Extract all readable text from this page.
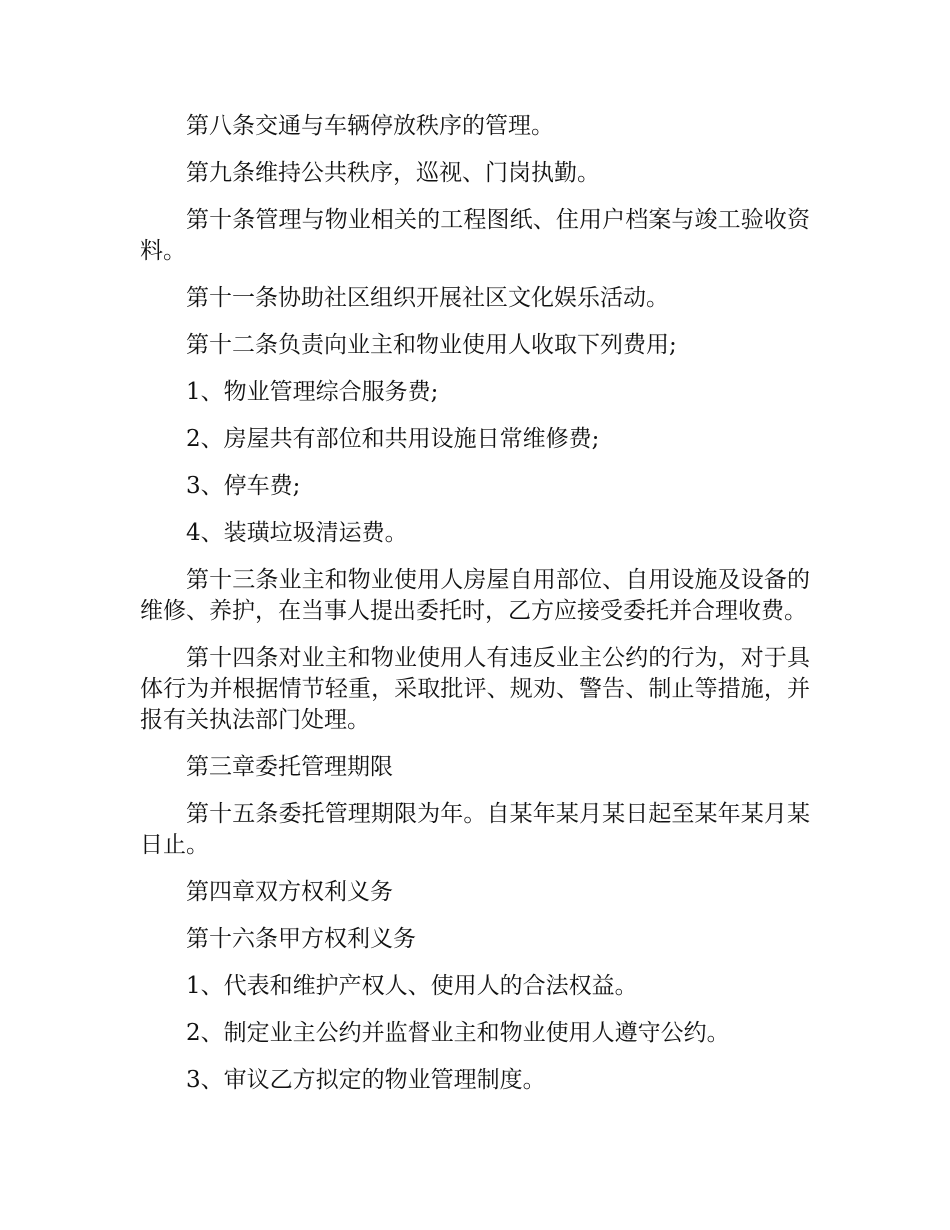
第八条交通与车辆停放秩序的管理。

第九条维持公共秩序，巡视、门岗执勤。

第十条管理与物业相关的工程图纸、住用户档案与竣工验收资料。

第十一条协助社区组织开展社区文化娱乐活动。

第十二条负责向业主和物业使用人收取下列费用;

1、物业管理综合服务费;

2、房屋共有部位和共用设施日常维修费;

3、停车费;

4、装璜垃圾清运费。

第十三条业主和物业使用人房屋自用部位、自用设施及设备的维修、养护，在当事人提出委托时，乙方应接受委托并合理收费。

第十四条对业主和物业使用人有违反业主公约的行为，对于具体行为并根据情节轻重，采取批评、规劝、警告、制止等措施，并报有关执法部门处理。

第三章委托管理期限

第十五条委托管理期限为年。自某年某月某日起至某年某月某日止。

第四章双方权利义务

第十六条甲方权利义务

1、代表和维护产权人、使用人的合法权益。

2、制定业主公约并监督业主和物业使用人遵守公约。

3、审议乙方拟定的物业管理制度。
